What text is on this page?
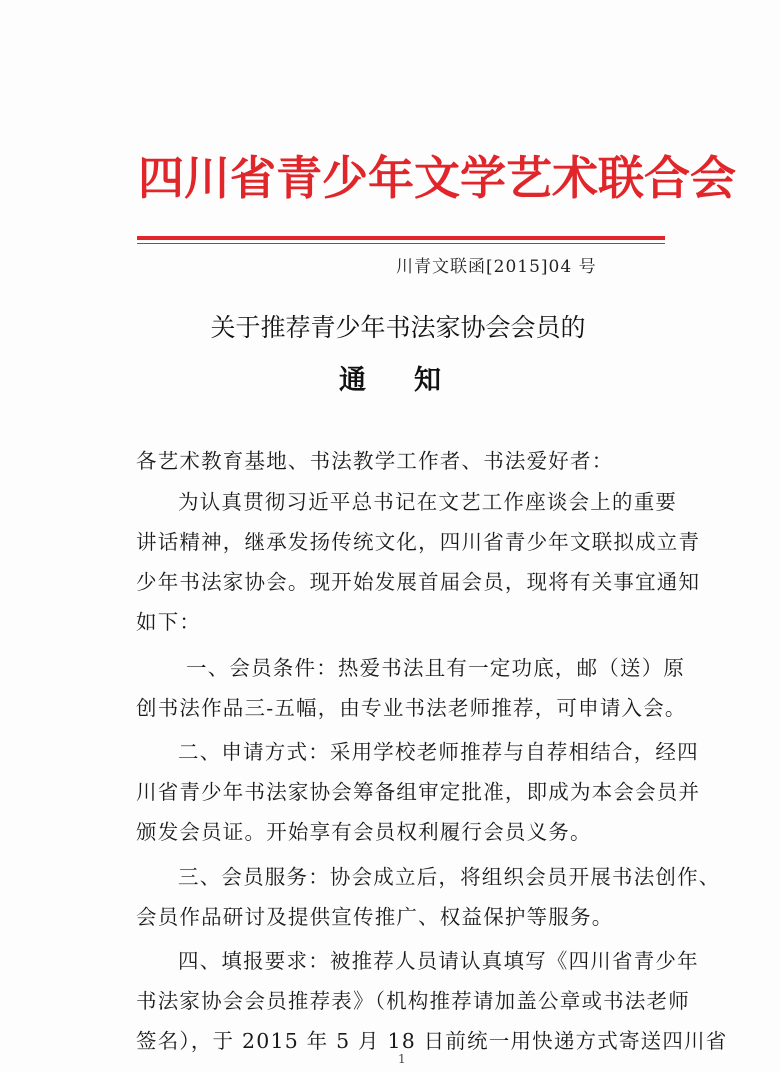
四川省青少年文学艺术联合会
川青文联函[2015]04 号
关于推荐青少年书法家协会会员的
通知
各艺术教育基地、书法教学工作者、书法爱好者：
为认真贯彻习近平总书记在文艺工作座谈会上的重要
讲话精神，继承发扬传统文化，四川省青少年文联拟成立青
少年书法家协会。现开始发展首届会员，现将有关事宜通知
如下：
一、会员条件：热爱书法且有一定功底，邮（送）原
创书法作品三-五幅，由专业书法老师推荐，可申请入会。
二、申请方式：采用学校老师推荐与自荐相结合，经四
川省青少年书法家协会筹备组审定批准，即成为本会会员并
颁发会员证。开始享有会员权利履行会员义务。
三、会员服务：协会成立后，将组织会员开展书法创作、
会员作品研讨及提供宣传推广、权益保护等服务。
四、填报要求：被推荐人员请认真填写《四川省青少年
书法家协会会员推荐表》（机构推荐请加盖公章或书法老师
签名），于 2015 年 5 月 18 日前统一用快递方式寄送四川省
1
